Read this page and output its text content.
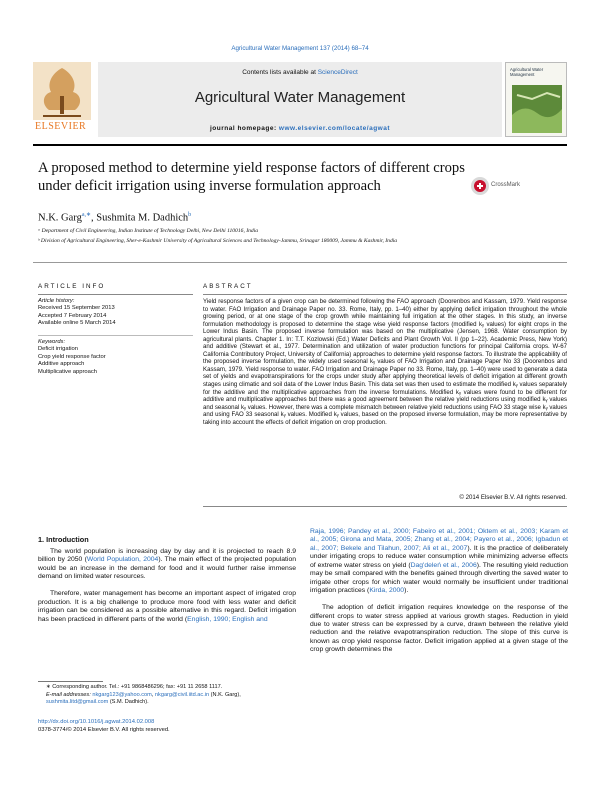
Agricultural Water Management 137 (2014) 68–74
ELSEVIER
Contents lists available at ScienceDirect
Agricultural Water Management
journal homepage: www.elsevier.com/locate/agwat
Agricultural Water Management
A proposed method to determine yield response factors of different crops under deficit irrigation using inverse formulation approach	CrossMark
N.K. Garg$^{a,∗}$, Sushmita M. Dadhich$^b$
ᵃ Department of Civil Engineering, Indian Institute of Technology Delhi, New Delhi 110016, India
ᵇ Division of Agricultural Engineering, Sher-e-Kashmir University of Agricultural Sciences and Technology-Jammu, Srinagar 180009, Jammu & Kashmir, India
ARTICLE INFO
Article history:
Received 15 September 2013
Accepted 7 February 2014
Available online 5 March 2014
Keywords:
Deficit irrigation
Crop yield response factor
Additive approach
Multiplicative approach
ABSTRACT
Yield response factors of a given crop can be determined following the FAO approach (Doorenbos and Kassam, 1979. Yield response to water. FAO Irrigation and Drainage Paper no. 33. Rome, Italy, pp. 1–40) either by applying deficit irrigation throughout the whole growing period, or at one stage of the crop growth while maintaining full irrigation at the other stages. In this study, an inverse formulation methodology is proposed to determine the stage wise yield response factors (modified kᵧ values) for eight crops in the Lower Indus Basin. The proposed inverse formulation was based on the multiplicative (Jensen, 1968. Water consumption by agricultural plants. Chapter 1. In: T.T. Kozlowski (Ed.) Water Deficits and Plant Growth Vol. II (pp 1–22). Academic Press, New York) and additive (Stewart et al., 1977. Determination and utilization of water production functions for principal California crops. W-67 California Contributory Project, University of California) approaches to determine yield response factors. To illustrate the applicability of the proposed inverse formulation, the widely used seasonal kᵧ values of FAO Irrigation and Drainage Paper No 33 (Doorenbos and Kassam, 1979. Yield response to water. FAO Irrigation and Drainage Paper no 33. Rome, Italy, pp. 1–40) were used to generate a data set of yields and evapotranspirations for the crops under study after applying theoretical levels of deficit irrigation at different growth stages using climatic and soil data of the Lower Indus Basin. This data set was then used to estimate the modified kᵧ values separately for the additive and the multiplicative approaches from the inverse formulations. Modified kᵧ values were found to be different for additive and multiplicative approaches but there was a good agreement between the relative yield reductions using modified kᵧ values and seasonal kᵧ values. However, there was a complete mismatch between relative yield reductions using FAO 33 stage wise kᵧ values and using FAO 33 seasonal kᵧ values. Modified kᵧ values, based on the proposed inverse formulation, may be more representative by taking into account the effects of deficit irrigation on crop production.
© 2014 Elsevier B.V. All rights reserved.
1. Introduction

The world population is increasing day by day and it is projected to reach 8.9 billion by 2050 (World Population, 2004). The main effect of the projected population would be an increase in the demand for food and it would further raise immense demand on limited water resources.

Therefore, water management has become an important aspect of irrigated crop production. It is a big challenge to produce more food with less water and deficit irrigation can be considered as a possible alternative in this regard. Deficit irrigation has been practiced in different parts of the world (English, 1990; English and

Raja, 1996; Pandey et al., 2000; Fabeiro et al., 2001; Oktem et al., 2003; Karam et al., 2005; Girona and Mata, 2005; Zhang et al., 2004; Payero et al., 2006; Igbadun et al., 2007; Bekele and Tilahun, 2007; Ali et al., 2007). It is the practice of deliberately under irrigating crops to reduce water consumption while minimizing adverse effects of extreme water stress on yield (Dag'deleń et al., 2006). The resulting yield reduction may be small compared with the benefits gained through diverting the saved water to irrigate other crops for which water would normally be insufficient under traditional irrigation practices (Kirda, 2000).

The adoption of deficit irrigation requires knowledge on the response of the different crops to water stress applied at various growth stages. Reduction in yield due to water stress can be expressed by a curve, drawn between the relative yield reduction and the relative evapotranspiration reduction. The slope of this curve is known as crop yield response factor. Deficit irrigation applied at a given stage of the crop growth determines the

∗ Corresponding author. Tel.: +91 9868486296; fax: +91 11 2658 1117.
E-mail addresses: nkgarg123@yahoo.com, nkgarg@civil.iitd.ac.in (N.K. Garg),
sushmita.litd@gmail.com (S.M. Dadhich).
http://dx.doi.org/10.1016/j.agwat.2014.02.008
0378-3774/© 2014 Elsevier B.V. All rights reserved.
